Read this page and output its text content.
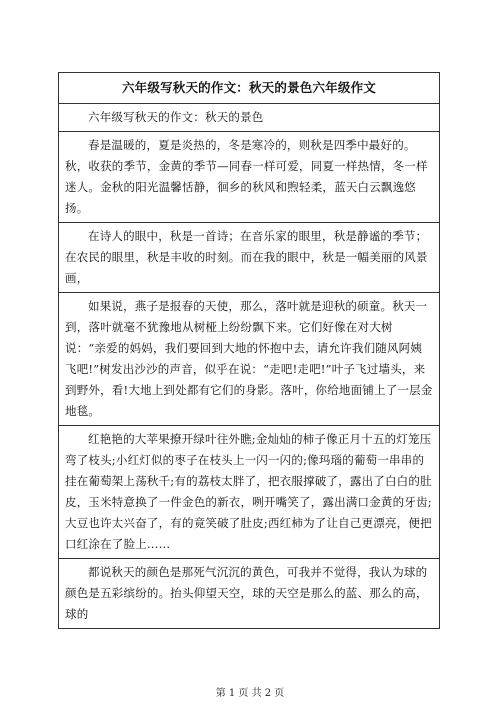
六年级写秋天的作文：秋天的景色六年级作文
六年级写秋天的作文：秋天的景色
春是温暖的，夏是炎热的，冬是寒冷的，则秋是四季中最好的。秋，收获的季节，金黄的季节—同春一样可爱，同夏一样热情，冬一样迷人。金秋的阳光温馨恬静，徊乡的秋风和煦轻柔，蓝天白云飘逸悠扬。
在诗人的眼中，秋是一首诗；在音乐家的眼里，秋是静谧的季节；在农民的眼里，秋是丰收的时刻。而在我的眼中，秋是一幅美丽的风景画，
如果说，燕子是报春的天使，那么，落叶就是迎秋的硕童。秋天一到，落叶就毫不犹豫地从树桠上纷纷飘下来。它们好像在对大树说：“亲爱的妈妈，我们要回到大地的怀抱中去，请允许我们随风阿姨飞吧!”树发出沙沙的声音，似乎在说：“走吧!走吧!”叶子飞过墙头，来到野外，看!大地上到处都有它们的身影。落叶，你给地面铺上了一层金地毯。
红艳艳的大苹果撩开绿叶往外瞧;金灿灿的柿子像正月十五的灯笼压弯了枝头;小红灯似的枣子在枝头上一闪一闪的;像玛瑙的葡萄一串串的挂在葡萄架上荡秋千;有的荔枝太胖了，把衣服撑破了，露出了白白的肚皮，玉米特意换了一件金色的新衣，咧开嘴笑了，露出满口金黄的牙齿;大豆也许太兴奋了，有的竟笑破了肚皮;西红柿为了让自己更漂亮，便把口红涂在了脸上……
都说秋天的颜色是那死气沉沉的黄色，可我并不觉得，我认为球的颜色是五彩缤纷的。抬头仰望天空，球的天空是那么的蓝、那么的高，球的
第 1 页 共 2 页
